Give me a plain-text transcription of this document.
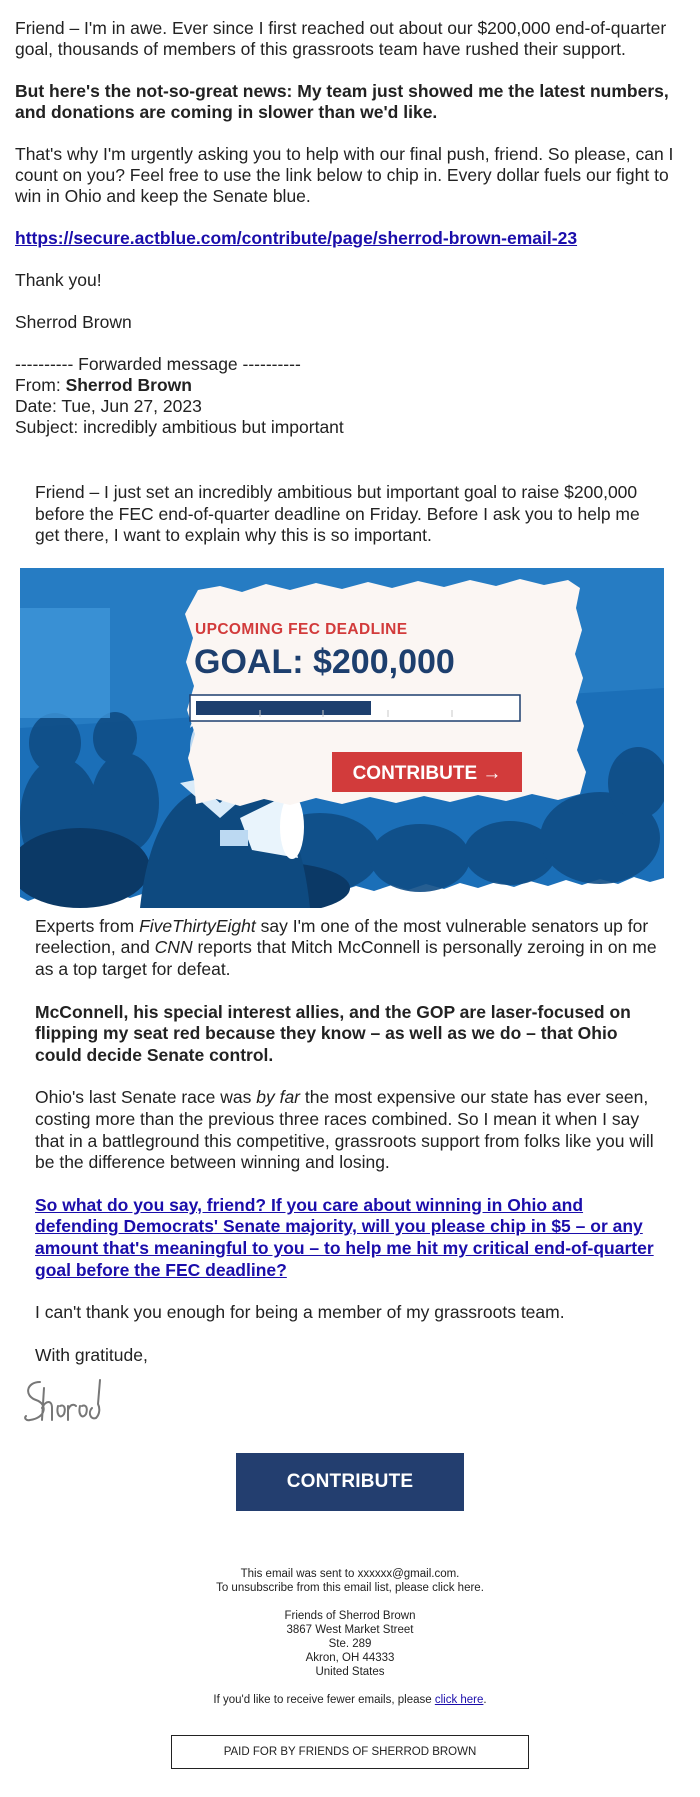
Friend – I'm in awe. Ever since I first reached out about our $200,000 end-of-quarter goal, thousands of members of this grassroots team have rushed their support.

But here's the not-so-great news: My team just showed me the latest numbers, and donations are coming in slower than we'd like.

That's why I'm urgently asking you to help with our final push, friend. So please, can I count on you? Feel free to use the link below to chip in. Every dollar fuels our fight to win in Ohio and keep the Senate blue.

https://secure.actblue.com/contribute/page/sherrod-brown-email-23

Thank you!

Sherrod Brown

---------- Forwarded message ----------
From: Sherrod Brown
Date: Tue, Jun 27, 2023
Subject: incredibly ambitious but important

Friend – I just set an incredibly ambitious but important goal to raise $200,000 before the FEC end-of-quarter deadline on Friday. Before I ask you to help me get there, I want to explain why this is so important.

UPCOMING FEC DEADLINE
GOAL: $200,000
CONTRIBUTE →

Experts from FiveThirtyEight say I'm one of the most vulnerable senators up for reelection, and CNN reports that Mitch McConnell is personally zeroing in on me as a top target for defeat.

McConnell, his special interest allies, and the GOP are laser-focused on flipping my seat red because they know – as well as we do – that Ohio could decide Senate control.

Ohio's last Senate race was by far the most expensive our state has ever seen, costing more than the previous three races combined. So I mean it when I say that in a battleground this competitive, grassroots support from folks like you will be the difference between winning and losing.

So what do you say, friend? If you care about winning in Ohio and defending Democrats' Senate majority, will you please chip in $5 – or any amount that's meaningful to you – to help me hit my critical end-of-quarter goal before the FEC deadline?

I can't thank you enough for being a member of my grassroots team.

With gratitude,

CONTRIBUTE

This email was sent to xxxxxx@gmail.com.
To unsubscribe from this email list, please click here.

Friends of Sherrod Brown
3867 West Market Street
Ste. 289
Akron, OH 44333
United States

If you'd like to receive fewer emails, please click here.

PAID FOR BY FRIENDS OF SHERROD BROWN
